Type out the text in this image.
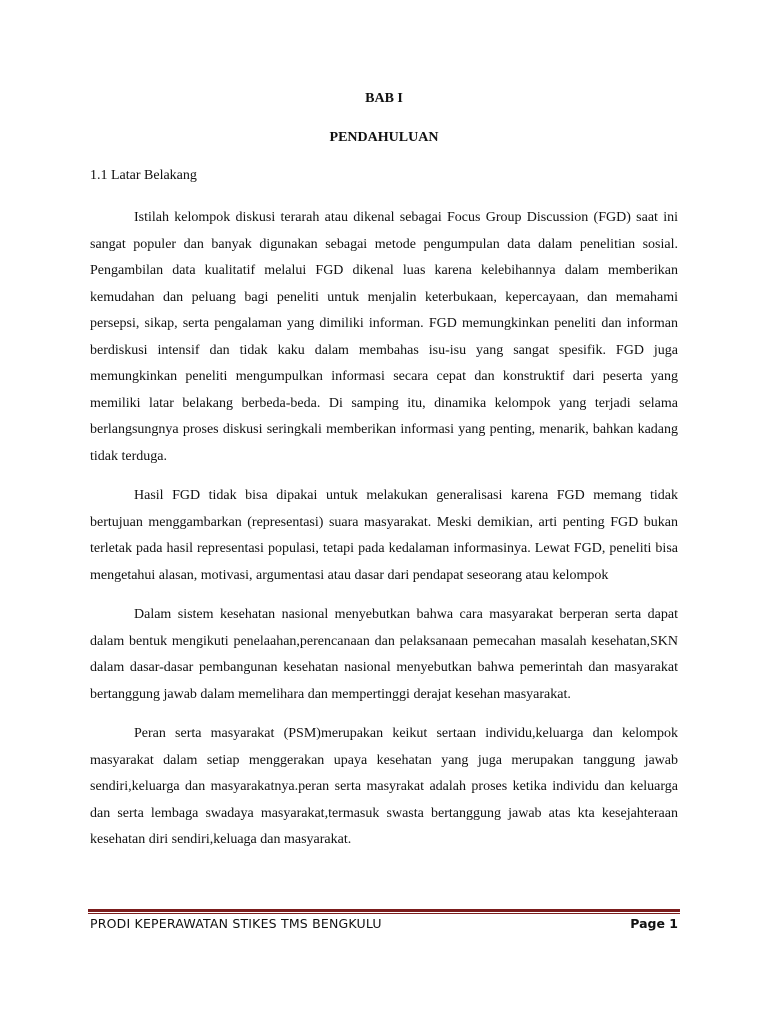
BAB I
PENDAHULUAN
1.1 Latar Belakang

Istilah kelompok diskusi terarah atau dikenal sebagai Focus Group Discussion (FGD) saat ini sangat populer dan banyak digunakan sebagai metode pengumpulan data dalam penelitian sosial. Pengambilan data kualitatif melalui FGD dikenal luas karena kelebihannya dalam memberikan kemudahan dan peluang bagi peneliti untuk menjalin keterbukaan, kepercayaan, dan memahami persepsi, sikap, serta pengalaman yang dimiliki informan. FGD memungkinkan peneliti dan informan berdiskusi intensif dan tidak kaku dalam membahas isu-isu yang sangat spesifik. FGD juga memungkinkan peneliti mengumpulkan informasi secara cepat dan konstruktif dari peserta yang memiliki latar belakang berbeda-beda. Di samping itu, dinamika kelompok yang terjadi selama berlangsungnya proses diskusi seringkali memberikan informasi yang penting, menarik, bahkan kadang tidak terduga.

Hasil FGD tidak bisa dipakai untuk melakukan generalisasi karena FGD memang tidak bertujuan menggambarkan (representasi) suara masyarakat. Meski demikian, arti penting FGD bukan terletak pada hasil representasi populasi, tetapi pada kedalaman informasinya. Lewat FGD, peneliti bisa mengetahui alasan, motivasi, argumentasi atau dasar dari pendapat seseorang atau kelompok

Dalam sistem kesehatan nasional menyebutkan bahwa cara masyarakat berperan serta dapat dalam bentuk mengikuti penelaahan,perencanaan dan pelaksanaan pemecahan masalah kesehatan,SKN dalam dasar-dasar pembangunan kesehatan nasional menyebutkan bahwa pemerintah dan masyarakat bertanggung jawab dalam memelihara dan mempertinggi derajat kesehan masyarakat.

Peran serta masyarakat (PSM)merupakan keikut sertaan individu,keluarga dan kelompok masyarakat dalam setiap menggerakan upaya kesehatan yang juga merupakan tanggung jawab sendiri,keluarga dan masyarakatnya.peran serta masyrakat adalah proses ketika individu dan keluarga dan serta lembaga swadaya masyarakat,termasuk swasta bertanggung jawab atas kta kesejahteraan kesehatan diri sendiri,keluaga dan masyarakat.

PRODI KEPERAWATAN STIKES TMS BENGKULU	Page 1
